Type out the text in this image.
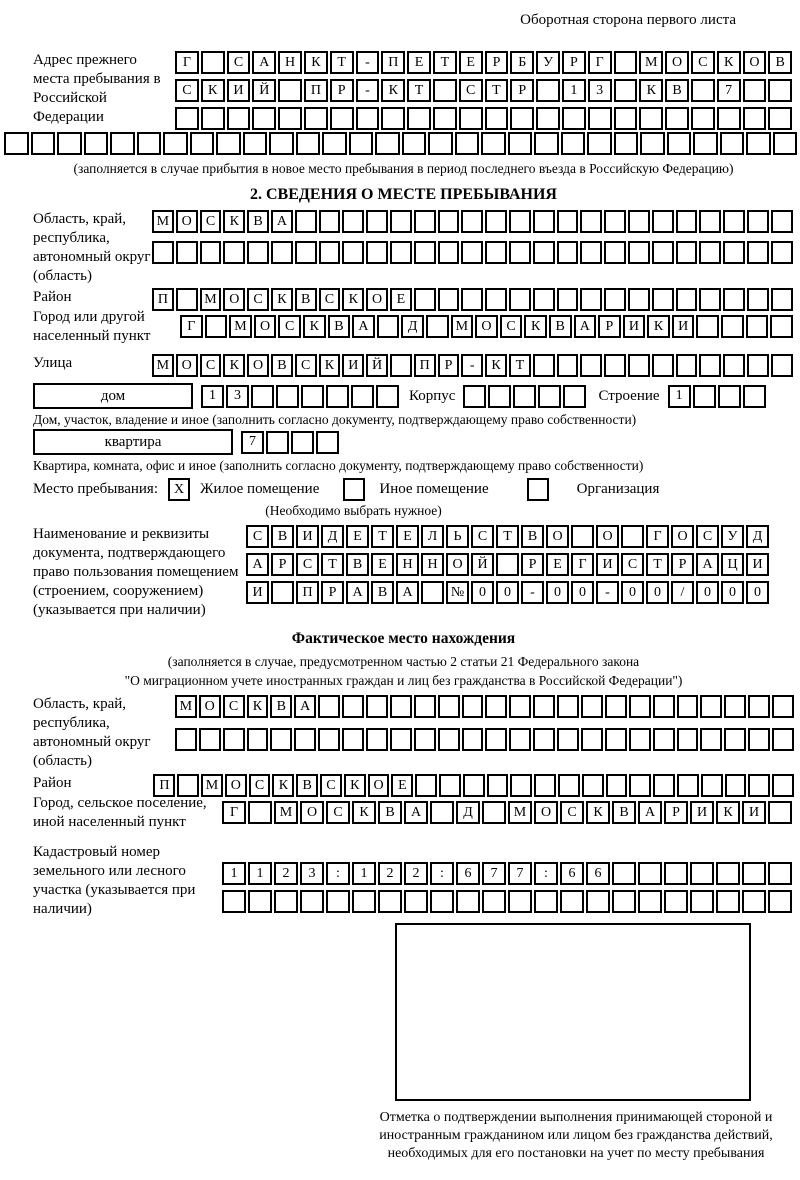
Оборотная сторона первого листа
Адрес прежнего места пребывания в Российской Федерации
Г	С	А	Н	К	Т	-	П	Е	Т	Е	Р	Б	У	Р	Г	М	О	С	К	О	В
С	К	И	Й	П	Р	-	К	Т	С	Т	Р	1	3	К	В	7
(заполняется в случае прибытия в новое место пребывания в период последнего въезда в Российскую Федерацию)
2. СВЕДЕНИЯ О МЕСТЕ ПРЕБЫВАНИЯ
Область, край, республика, автономный округ (область)
М О	С	К	В	А
Район	П	М О	С	К	В	С	К	О	Е
Город или другой населенный пункт
Г	М О	С	К	В	А	Д	М О	С	К	В	А	Р	И	К	И
Улица	М О	С	К	О	В	С	К	И Й	П	Р	-	К	Т
дом	1	3	Корпус	Строение	1
Дом, участок, владение и иное (заполнить согласно документу, подтверждающему право собственности)
квартира	7
Квартира, комната, офис и иное (заполнить согласно документу, подтверждающему право собственности)
Место пребывания:	X	Жилое помещение	Иное помещение	Организация
(Необходимо выбрать нужное)
Наименование и реквизиты документа, подтверждающего право пользования помещением (строением, сооружением) (указывается при наличии)
С	В	И	Д	Е	Т	Е	Л	Ь	С	Т	В	О	О	Г	О	С	У	Д
А	Р	С	Т	В	Е	Н	Н	О	Й	Р	Е	Г	И	С	Т	Р	А	Ц	И
И	П	Р	А	В	А	№	0	0	-	0	0	-	0	0	/	0	0	0
Фактическое место нахождения
(заполняется в случае, предусмотренном частью 2 статьи 21 Федерального закона
"О миграционном учете иностранных граждан и лиц без гражданства в Российской Федерации")
Область, край, республика, автономный округ (область)
М О	С	К	В	А
Район	П	М О	С	К	В	С	К	О	Е
Город, сельское поселение, иной населенный пункт
Г	М	О	С	К	В	А	Д	М	О	С	К	В	А	Р	И	К	И
Кадастровый номер земельного или лесного участка (указывается при наличии)
1	1	2	3	:	1	2	2	:	6	7	7	:	6	6
Отметка о подтверждении выполнения принимающей стороной и иностранным гражданином или лицом без гражданства действий, необходимых для его постановки на учет по месту пребывания
